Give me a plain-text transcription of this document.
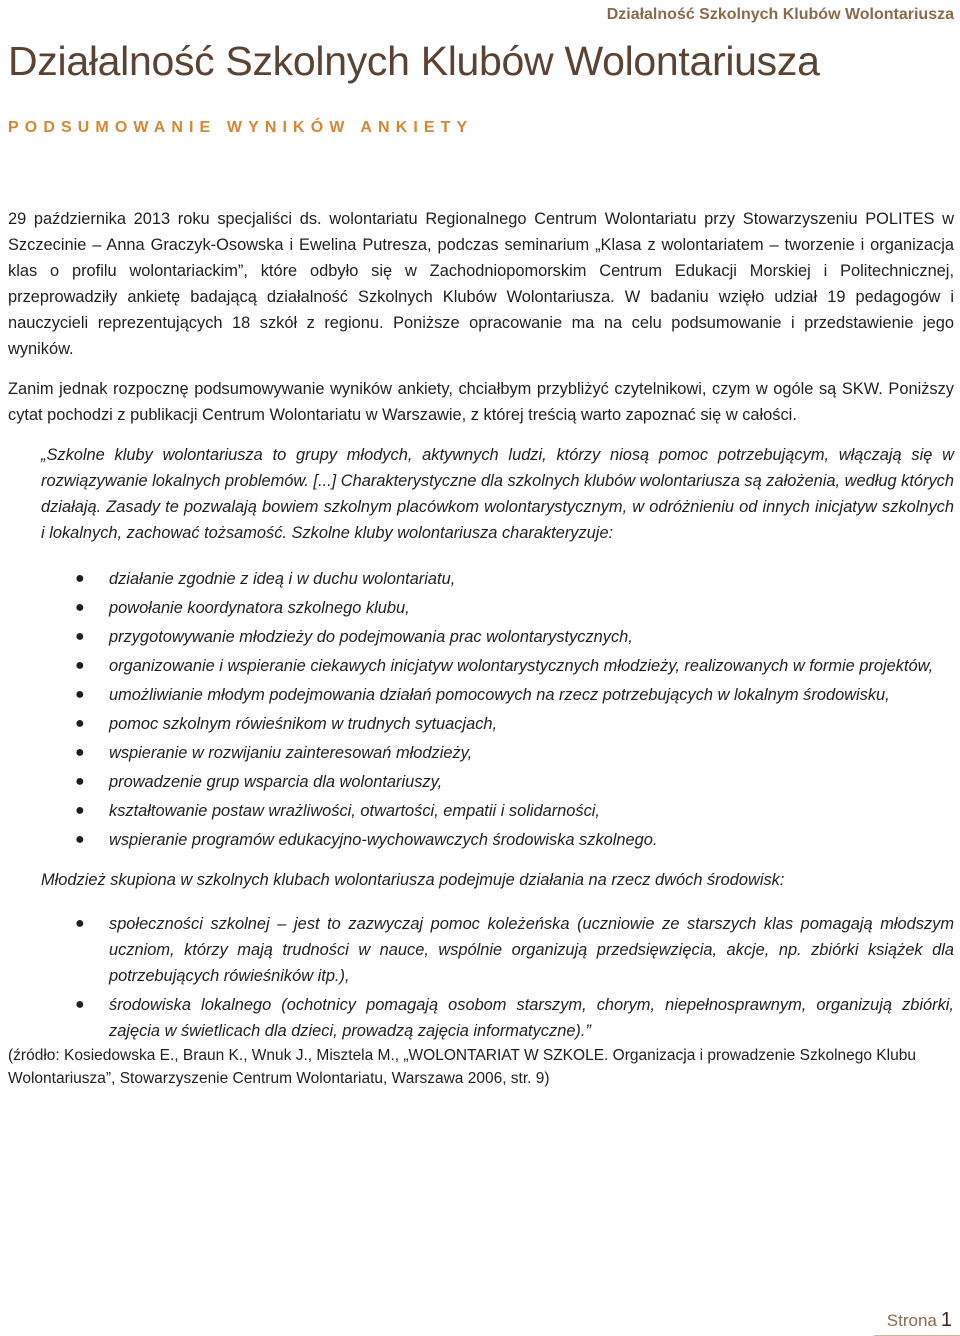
Działalność Szkolnych Klubów Wolontariusza
Działalność Szkolnych Klubów Wolontariusza
PODSUMOWANIE WYNIKÓW ANKIETY

29 października 2013 roku specjaliści ds. wolontariatu Regionalnego Centrum Wolontariatu przy Stowarzyszeniu POLITES w Szczecinie – Anna Graczyk-Osowska i Ewelina Putresza, podczas seminarium „Klasa z wolontariatem – tworzenie i organizacja klas o profilu wolontariackim”, które odbyło się w Zachodniopomorskim Centrum Edukacji Morskiej i Politechnicznej, przeprowadziły ankietę badającą działalność Szkolnych Klubów Wolontariusza. W badaniu wzięło udział 19 pedagogów i nauczycieli reprezentujących 18 szkół z regionu. Poniższe opracowanie ma na celu podsumowanie i przedstawienie jego wyników.

Zanim jednak rozpocznę podsumowywanie wyników ankiety, chciałbym przybliżyć czytelnikowi, czym w ogóle są SKW. Poniższy cytat pochodzi z publikacji Centrum Wolontariatu w Warszawie, z której treścią warto zapoznać się w całości.

„Szkolne kluby wolontariusza to grupy młodych, aktywnych ludzi, którzy niosą pomoc potrzebującym, włączają się w rozwiązywanie lokalnych problemów. [...] Charakterystyczne dla szkolnych klubów wolontariusza są założenia, według których działają. Zasady te pozwalają bowiem szkolnym placówkom wolontarystycznym, w odróżnieniu od innych inicjatyw szkolnych i lokalnych, zachować tożsamość. Szkolne kluby wolontariusza charakteryzuje:

● działanie zgodnie z ideą i w duchu wolontariatu,
● powołanie koordynatora szkolnego klubu,
● przygotowywanie młodzieży do podejmowania prac wolontarystycznych,
● organizowanie i wspieranie ciekawych inicjatyw wolontarystycznych młodzieży, realizowanych w formie projektów,
● umożliwianie młodym podejmowania działań pomocowych na rzecz potrzebujących w lokalnym środowisku,
● pomoc szkolnym rówieśnikom w trudnych sytuacjach,
● wspieranie w rozwijaniu zainteresowań młodzieży,
● prowadzenie grup wsparcia dla wolontariuszy,
● kształtowanie postaw wrażliwości, otwartości, empatii i solidarności,
● wspieranie programów edukacyjno-wychowawczych środowiska szkolnego.

Młodzież skupiona w szkolnych klubach wolontariusza podejmuje działania na rzecz dwóch środowisk:

● społeczności szkolnej – jest to zazwyczaj pomoc koleżeńska (uczniowie ze starszych klas pomagają młodszym uczniom, którzy mają trudności w nauce, wspólnie organizują przedsięwzięcia, akcje, np. zbiórki książek dla potrzebujących rówieśników itp.),
● środowiska lokalnego (ochotnicy pomagają osobom starszym, chorym, niepełnosprawnym, organizują zbiórki, zajęcia w świetlicach dla dzieci, prowadzą zajęcia informatyczne).”

(źródło: Kosiedowska E., Braun K., Wnuk J., Misztela M., „WOLONTARIAT W SZKOLE. Organizacja i prowadzenie Szkolnego Klubu Wolontariusza”, Stowarzyszenie Centrum Wolontariatu, Warszawa 2006, str. 9)

Strona 1
